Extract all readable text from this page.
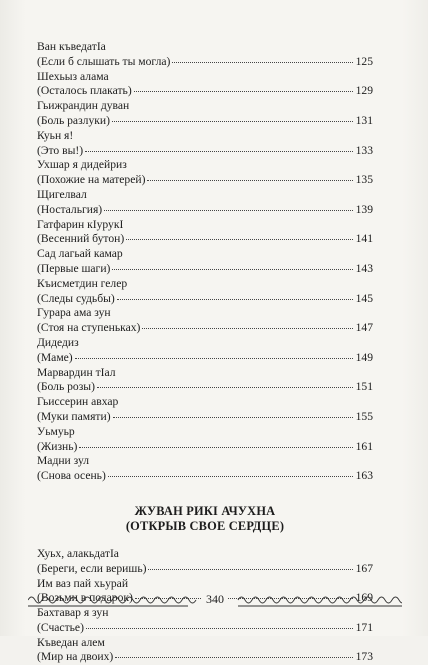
Ван къведатӀа
(Если б слышать ты могла)	125
Шехьыз алама
(Осталось плакать)	129
Гьижрандин дуван
(Боль разлуки)	131
Куьн я!
(Это вы!)	133
Ухшар я дидейриз
(Похожие на матерей)	135
Щигелвал
(Ностальгия)	139
Гатфарин кӀурукӀ
(Весенний бутон)	141
Сад лагьай камар
(Первые шаги)	143
Къисметдин гелер
(Следы судьбы)	145
Гурара ама зун
(Стоя на ступеньках)	147
Дидедиз
(Маме)	149
Марвардин тӀал
(Боль розы)	151
Гьиссерин авхар
(Муки памяти)	155
Уьмуьр
(Жизнь)	161
Мадни зул
(Снова осень)	163
ЖУВАН РИКӀ АЧУХНА
(ОТКРЫВ СВОЕ СЕРДЦЕ)
Хуьх, алакьдатӀа
(Береги, если веришь)	167
Им ваз пай хьурай
(Возьми в подарок)	169
Бахтавар я зун
(Счастье)	171
Къведан алем
(Мир на двоих)	173
340
